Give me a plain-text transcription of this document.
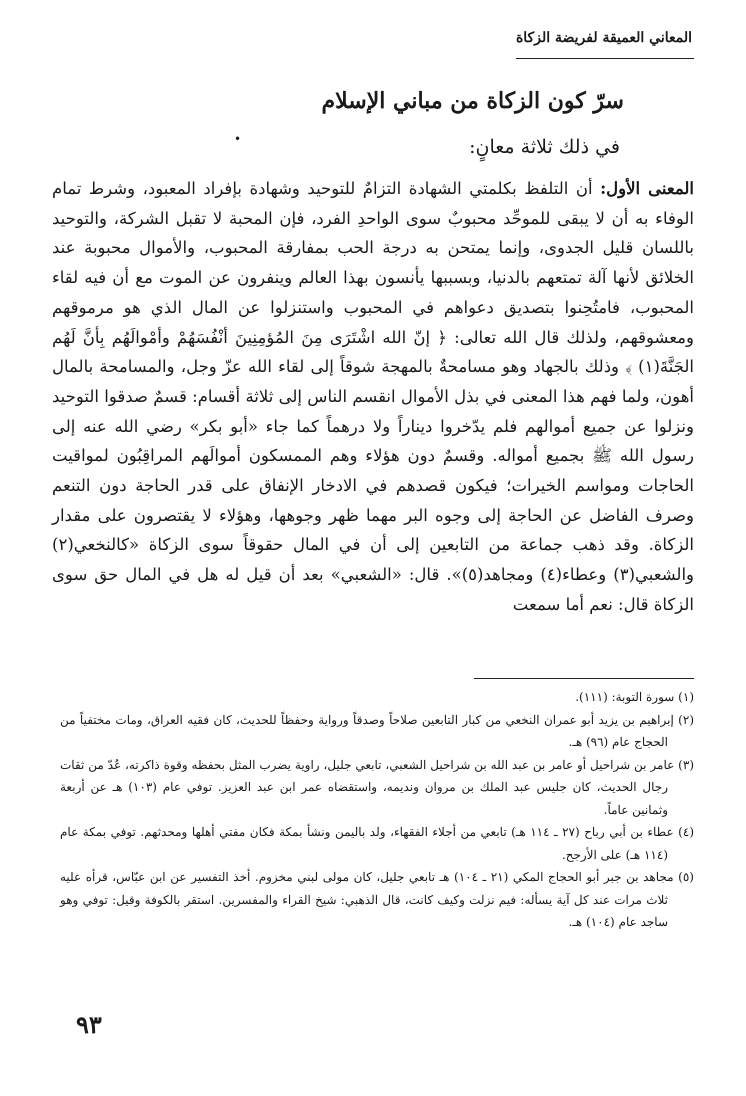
المعاني العميقة لفريضة الزكاة
سرّ كون الزكاة من مباني الإسلام
•	في ذلك ثلاثة معانٍ:
المعنى الأول: أن التلفظ بكلمتي الشهادة التزامٌ للتوحيد وشهادة بإفراد المعبود، وشرط تمام الوفاء به أن لا يبقى للموحِّد محبوبٌ سوى الواحدِ الفرد، فإن المحبة لا تقبل الشركة، والتوحيد باللسان قليل الجدوى، وإنما يمتحن به درجة الحب بمفارقة المحبوب، والأموال محبوبة عند الخلائق لأنها آلة تمتعهم بالدنيا، وبسببها يأنسون بهذا العالم وينفرون عن الموت مع أن فيه لقاء المحبوب، فامتُحِنوا بتصديق دعواهم في المحبوب واستنزلوا عن المال الذي هو مرموقهم ومعشوقهم، ولذلك قال الله تعالى: ﴿ إنّ الله اشْتَرَى مِنَ المُؤمِنِينَ أنْفُسَهُمْ وأمْوالَهُم بِأنَّ لَهُم الجَنَّةَ(١) ﴾ وذلك بالجهاد وهو مسامحةٌ بالمهجة شوقاً إلى لقاء الله عزّ وجل، والمسامحة بالمال أهون، ولما فهم هذا المعنى في بذل الأموال انقسم الناس إلى ثلاثة أقسام: قسمٌ صدقوا التوحيد ونزلوا عن جميع أموالهم فلم يدّخروا ديناراً ولا درهماً كما جاء «أبو بكر» رضي الله عنه إلى رسول الله ﷺ بجميع أمواله. وقسمٌ دون هؤلاء وهم الممسكون أموالَهم المراقِبُون لمواقيت الحاجات ومواسم الخيرات؛ فيكون قصدهم في الادخار الإنفاق على قدر الحاجة دون التنعم وصرف الفاضل عن الحاجة إلى وجوه البر مهما ظهر وجوهها، وهؤلاء لا يقتصرون على مقدار الزكاة. وقد ذهب جماعة من التابعين إلى أن في المال حقوقاً سوى الزكاة «كالنخعي(٢) والشعبي(٣) وعطاء(٤) ومجاهد(٥)». قال: «الشعبي» بعد أن قيل له هل في المال حق سوى الزكاة قال: نعم أما سمعت

(١) سورة التوبة: (١١١).

(٢) إبراهيم بن يزيد أبو عمران النخعي من كبار التابعين صلاحاً وصدقاً ورواية وحفظاً للحديث، كان فقيه العراق، ومات مختفياً من الحجاج عام (٩٦) هـ.

(٣) عامر بن شراحيل أو عامر بن عبد الله بن شراحيل الشعبي، تابعي جليل، راوية يضرب المثل بحفظه وقوة ذاكرته، عُدّ من ثقات رجال الحديث، كان جليس عبد الملك بن مروان ونديمه، واستقضاه عمر ابن عبد العزيز. توفي عام (١٠٣) هـ عن أربعة وثمانين عاماً.

(٤) عطاء بن أبي رباح (٢٧ ـ ١١٤ هـ) تابعي من أجلاء الفقهاء، ولد باليمن ونشأ بمكة فكان مفتي أهلها ومحدثهم. توفي بمكة عام (١١٤ هـ) على الأرجح.

(٥) مجاهد بن جبر أبو الحجاج المكي (٢١ ـ ١٠٤) هـ تابعي جليل، كان مولى لبني مخزوم. أخذ التفسير عن ابن عبّاس، قرأه عليه ثلاث مرات عند كل آية يسأله: فيم نزلت وكيف كانت، قال الذهبي: شيخ القراء والمفسرين. استقر بالكوفة وقيل: توفي وهو ساجد عام (١٠٤) هـ.

٩٣
